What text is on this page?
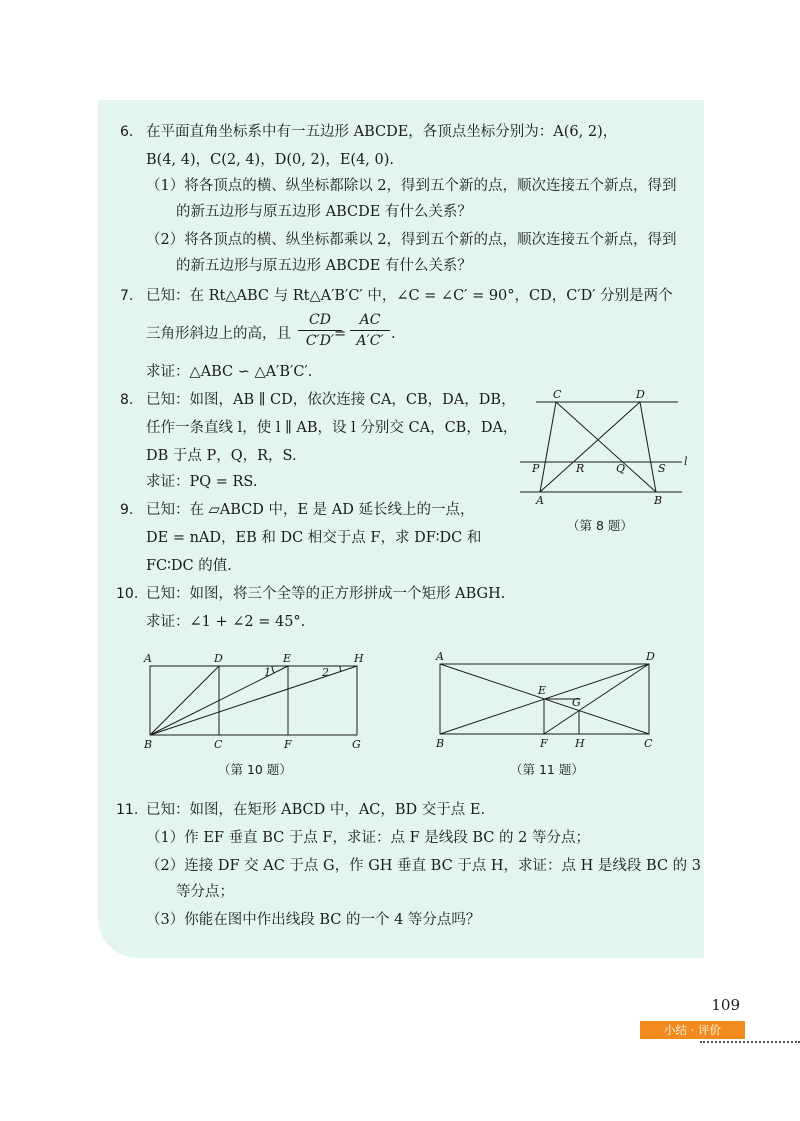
6. 在平面直角坐标系中有一五边形 ABCDE，各顶点坐标分别为：A(6, 2)，
B(4, 4)，C(2, 4)，D(0, 2)，E(4, 0).
（1）将各顶点的横、纵坐标都除以 2，得到五个新的点，顺次连接五个新点，得到
的新五边形与原五边形 ABCDE 有什么关系？
（2）将各顶点的横、纵坐标都乘以 2，得到五个新的点，顺次连接五个新点，得到
的新五边形与原五边形 ABCDE 有什么关系？
7. 已知：在 Rt△ABC 与 Rt△A′B′C′ 中，∠C = ∠C′ = 90°，CD，C′D′ 分别是两个
三角形斜边上的高，且
CD
C′D′ =
AC
A′C′ .
求证：△ABC ∽ △A′B′C′.
8. 已知：如图，AB ∥ CD，依次连接 CA，CB，DA，DB，
任作一条直线 l，使 l ∥ AB，设 l 分别交 CA，CB，DA，
DB 于点 P，Q，R，S.
求证：PQ = RS.
C	D
P	R	Q	S
l
A	B
（第 8 题）
9. 已知：在 ▱ABCD 中，E 是 AD 延长线上的一点，
DE = nAD，EB 和 DC 相交于点 F，求 DF∶DC 和
FC∶DC 的值.
10. 已知：如图，将三个全等的正方形拼成一个矩形 ABGH.
求证：∠1 + ∠2 = 45°.
A	D	E	H
1	2
B	C	F	G
（第 10 题）
A	D
E
G
B	F H	C
（第 11 题）
11. 已知：如图，在矩形 ABCD 中，AC，BD 交于点 E.
（1）作 EF 垂直 BC 于点 F，求证：点 F 是线段 BC 的 2 等分点；
（2）连接 DF 交 AC 于点 G，作 GH 垂直 BC 于点 H，求证：点 H 是线段 BC 的 3
等分点；
（3）你能在图中作出线段 BC 的一个 4 等分点吗？
109
小结 · 评价
